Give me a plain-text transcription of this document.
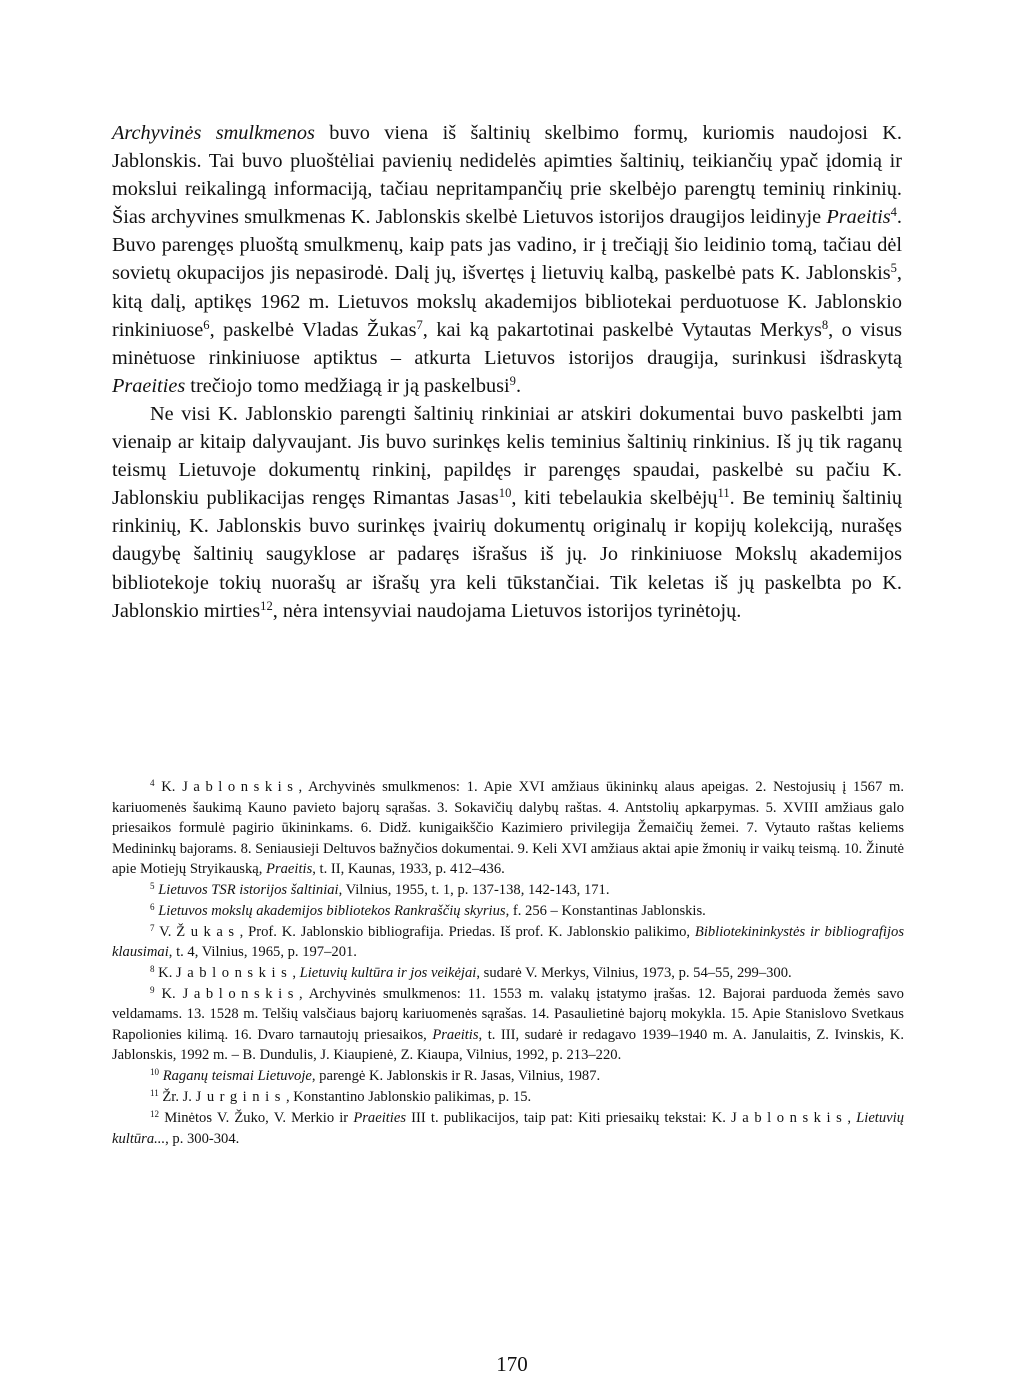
Archyvinės smulkmenos buvo viena iš šaltinių skelbimo formų, kuriomis naudojosi K. Jablonskis. Tai buvo pluoštėliai pavienių nedidelės apimties šaltinių, teikiančių ypač įdomią ir mokslui reikalingą informaciją, tačiau nepritampančių prie skelbėjo parengtų teminių rinkinių. Šias archyvines smulkmenas K. Jablonskis skelbė Lietuvos istorijos draugijos leidinyje Praeitis$^4$. Buvo parengęs pluoštą smulkmenų, kaip pats jas vadino, ir į trečiąjį šio leidinio tomą, tačiau dėl sovietų okupacijos jis nepasirodė. Dalį jų, išvertęs į lietuvių kalbą, paskelbė pats K. Jablonskis$^5$, kitą dalį, aptikęs 1962 m. Lietuvos mokslų akademijos bibliotekai perduotuose K. Jablonskio rinkiniuose$^6$, paskelbė Vladas Žukas$^7$, kai ką pakartotinai paskelbė Vytautas Merkys$^8$, o visus minėtuose rinkiniuose aptiktus – atkurta Lietuvos istorijos draugija, surinkusi išdraskytą Praeities trečiojo tomo medžiagą ir ją paskelbusi$^9$.

Ne visi K. Jablonskio parengti šaltinių rinkiniai ar atskiri dokumentai buvo paskelbti jam vienaip ar kitaip dalyvaujant. Jis buvo surinkęs kelis teminius šaltinių rinkinius. Iš jų tik raganų teismų Lietuvoje dokumentų rinkinį, papildęs ir parengęs spaudai, paskelbė su pačiu K. Jablonskiu publikacijas rengęs Rimantas Jasas$^{10}$, kiti tebelaukia skelbėjų$^{11}$. Be teminių šaltinių rinkinių, K. Jablonskis buvo surinkęs įvairių dokumentų originalų ir kopijų kolekciją, nurašęs daugybę šaltinių saugyklose ar padaręs išrašus iš jų. Jo rinkiniuose Mokslų akademijos bibliotekoje tokių nuorašų ar išrašų yra keli tūkstančiai. Tik keletas iš jų paskelbta po K. Jablonskio mirties$^{12}$, nėra intensyviai naudojama Lietuvos istorijos tyrinėtojų.

$^4$ K. Jablonskis, Archyvinės smulkmenos: 1. Apie XVI amžiaus ūkininkų alaus apeigas. 2. Nestojusių į 1567 m. kariuomenės šaukimą Kauno pavieto bajorų sąrašas. 3. Sokavičių dalybų raštas. 4. Antstolių apkarpymas. 5. XVIII amžiaus galo priesaikos formulė pagirio ūkininkams. 6. Didž. kunigaikščio Kazimiero privilegija Žemaičių žemei. 7. Vytauto raštas keliems Medininkų bajorams. 8. Seniausieji Deltuvos bažnyčios dokumentai. 9. Keli XVI amžiaus aktai apie žmonių ir vaikų teismą. 10. Žinutė apie Motiejų Stryikauską, Praeitis, t. II, Kaunas, 1933, p. 412–436.

$^5$ Lietuvos TSR istorijos šaltiniai, Vilnius, 1955, t. 1, p. 137-138, 142-143, 171.

$^6$ Lietuvos mokslų akademijos bibliotekos Rankraščių skyrius, f. 256 – Konstantinas Jablonskis.

$^7$ V. Žukas, Prof. K. Jablonskio bibliografija. Priedas. Iš prof. K. Jablonskio palikimo, Bibliotekininkystės ir bibliografijos klausimai, t. 4, Vilnius, 1965, p. 197–201.

$^8$ K. Jablonskis, Lietuvių kultūra ir jos veikėjai, sudarė V. Merkys, Vilnius, 1973, p. 54–55, 299–300.

$^9$ K. Jablonskis, Archyvinės smulkmenos: 11. 1553 m. valakų įstatymo įrašas. 12. Bajorai parduoda žemės savo veldamams. 13. 1528 m. Telšių valsčiaus bajorų kariuomenės sąrašas. 14. Pasaulietinė bajorų mokykla. 15. Apie Stanislovo Svetkaus Rapolionies kilimą. 16. Dvaro tarnautojų priesaikos, Praeitis, t. III, sudarė ir redagavo 1939–1940 m. A. Janulaitis, Z. Ivinskis, K. Jablonskis, 1992 m. – B. Dundulis, J. Kiaupienė, Z. Kiaupa, Vilnius, 1992, p. 213–220.

$^{10}$ Raganų teismai Lietuvoje, parengė K. Jablonskis ir R. Jasas, Vilnius, 1987.

$^{11}$ Žr. J. Jurginis, Konstantino Jablonskio palikimas, p. 15.

$^{12}$ Minėtos V. Žuko, V. Merkio ir Praeities III t. publikacijos, taip pat: Kiti priesaikų tekstai: K. Jablonskis, Lietuvių kultūra..., p. 300-304.

170
